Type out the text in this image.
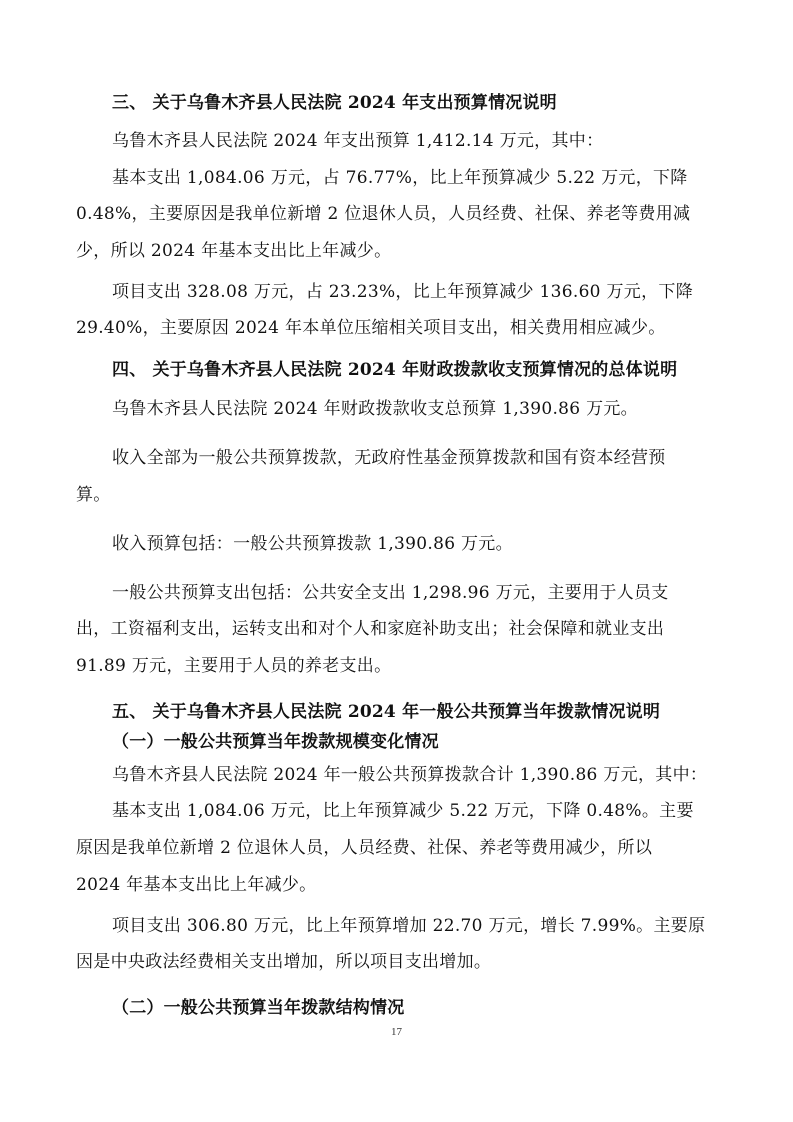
三、 关于乌鲁木齐县人民法院 2024 年支出预算情况说明
乌鲁木齐县人民法院 2024 年支出预算 1,412.14 万元，其中：
基本支出 1,084.06 万元，占 76.77%，比上年预算减少 5.22 万元，下降
0.48%，主要原因是我单位新增 2 位退休人员，人员经费、社保、养老等费用减
少，所以 2024 年基本支出比上年减少。
项目支出 328.08 万元，占 23.23%，比上年预算减少 136.60 万元，下降
29.40%，主要原因 2024 年本单位压缩相关项目支出，相关费用相应减少。
四、 关于乌鲁木齐县人民法院 2024 年财政拨款收支预算情况的总体说明
乌鲁木齐县人民法院 2024 年财政拨款收支总预算 1,390.86 万元。
收入全部为一般公共预算拨款，无政府性基金预算拨款和国有资本经营预
算。
收入预算包括：一般公共预算拨款 1,390.86 万元。
一般公共预算支出包括：公共安全支出 1,298.96 万元，主要用于人员支
出，工资福利支出，运转支出和对个人和家庭补助支出；社会保障和就业支出
91.89 万元，主要用于人员的养老支出。
五、 关于乌鲁木齐县人民法院 2024 年一般公共预算当年拨款情况说明
（一）一般公共预算当年拨款规模变化情况
乌鲁木齐县人民法院 2024 年一般公共预算拨款合计 1,390.86 万元，其中：
基本支出 1,084.06 万元，比上年预算减少 5.22 万元，下降 0.48%。主要
原因是我单位新增 2 位退休人员，人员经费、社保、养老等费用减少，所以
2024 年基本支出比上年减少。
项目支出 306.80 万元，比上年预算增加 22.70 万元，增长 7.99%。主要原
因是中央政法经费相关支出增加，所以项目支出增加。
（二）一般公共预算当年拨款结构情况
17
